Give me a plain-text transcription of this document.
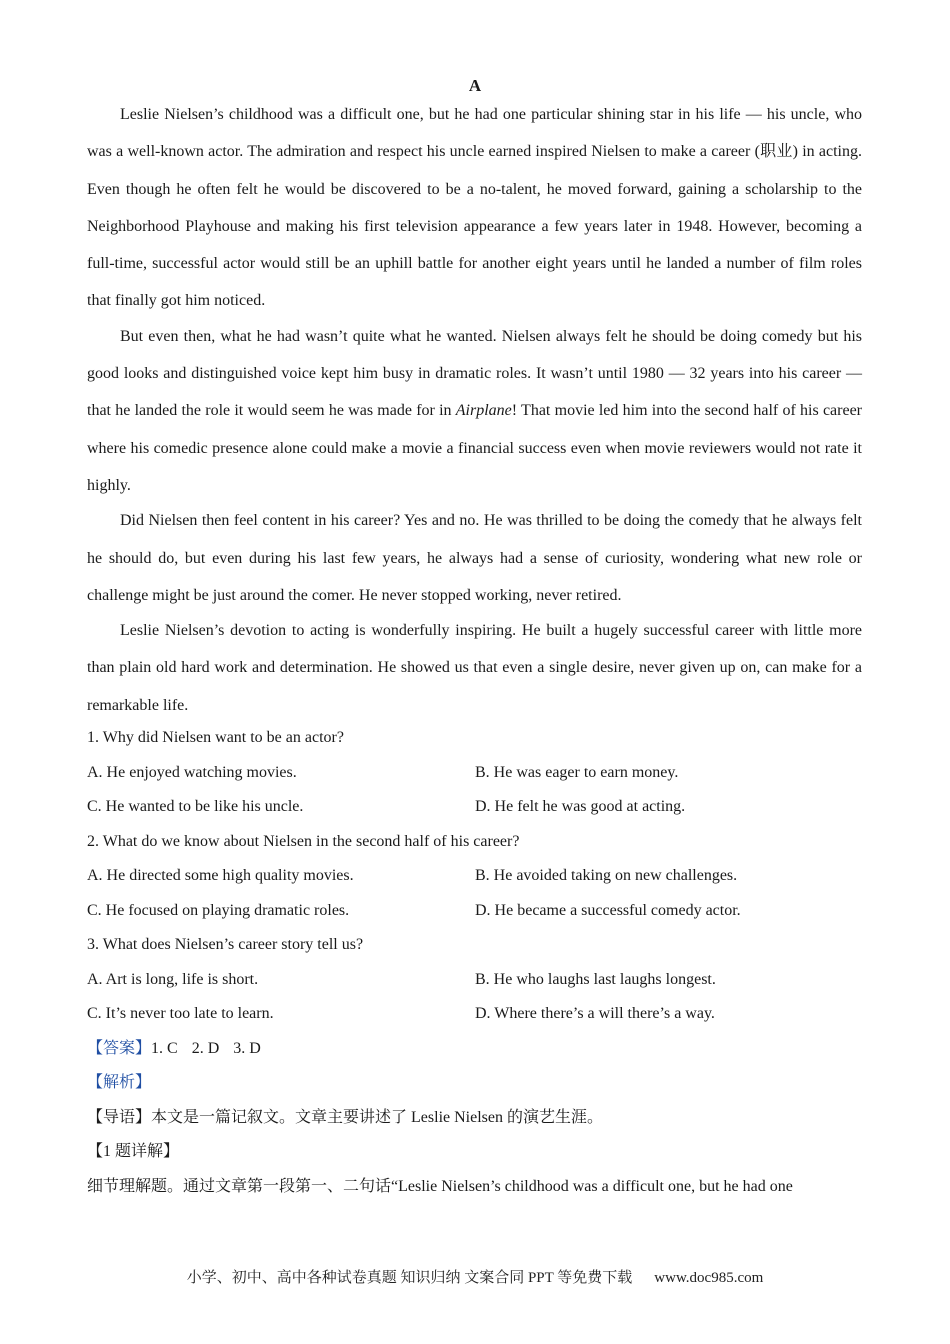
A

Leslie Nielsen’s childhood was a difficult one, but he had one particular shining star in his life — his uncle, who was a well-known actor. The admiration and respect his uncle earned inspired Nielsen to make a career (职业) in acting. Even though he often felt he would be discovered to be a no-talent, he moved forward, gaining a scholarship to the Neighborhood Playhouse and making his first television appearance a few years later in 1948. However, becoming a full-time, successful actor would still be an uphill battle for another eight years until he landed a number of film roles that finally got him noticed.

But even then, what he had wasn’t quite what he wanted. Nielsen always felt he should be doing comedy but his good looks and distinguished voice kept him busy in dramatic roles. It wasn’t until 1980 — 32 years into his career — that he landed the role it would seem he was made for in Airplane! That movie led him into the second half of his career where his comedic presence alone could make a movie a financial success even when movie reviewers would not rate it highly.

Did Nielsen then feel content in his career? Yes and no. He was thrilled to be doing the comedy that he always felt he should do, but even during his last few years, he always had a sense of curiosity, wondering what new role or challenge might be just around the comer. He never stopped working, never retired.

Leslie Nielsen’s devotion to acting is wonderfully inspiring. He built a hugely successful career with little more than plain old hard work and determination. He showed us that even a single desire, never given up on, can make for a remarkable life.

1. Why did Nielsen want to be an actor?
A. He enjoyed watching movies.	B. He was eager to earn money.
C. He wanted to be like his uncle.	D. He felt he was good at acting.
2. What do we know about Nielsen in the second half of his career?
A. He directed some high quality movies.	B. He avoided taking on new challenges.
C. He focused on playing dramatic roles.	D. He became a successful comedy actor.
3. What does Nielsen’s career story tell us?
A. Art is long, life is short.	B. He who laughs last laughs longest.
C. It’s never too late to learn.	D. Where there’s a will there’s a way.
【答案】1. C 2. D 3. D
【解析】
【导语】本文是一篇记叙文。文章主要讲述了 Leslie Nielsen 的演艺生涯。
【1 题详解】
细节理解题。通过文章第一段第一、二句话“Leslie Nielsen’s childhood was a difficult one, but he had one
小学、初中、高中各种试卷真题 知识归纳 文案合同 PPT 等免费下载 www.doc985.com
